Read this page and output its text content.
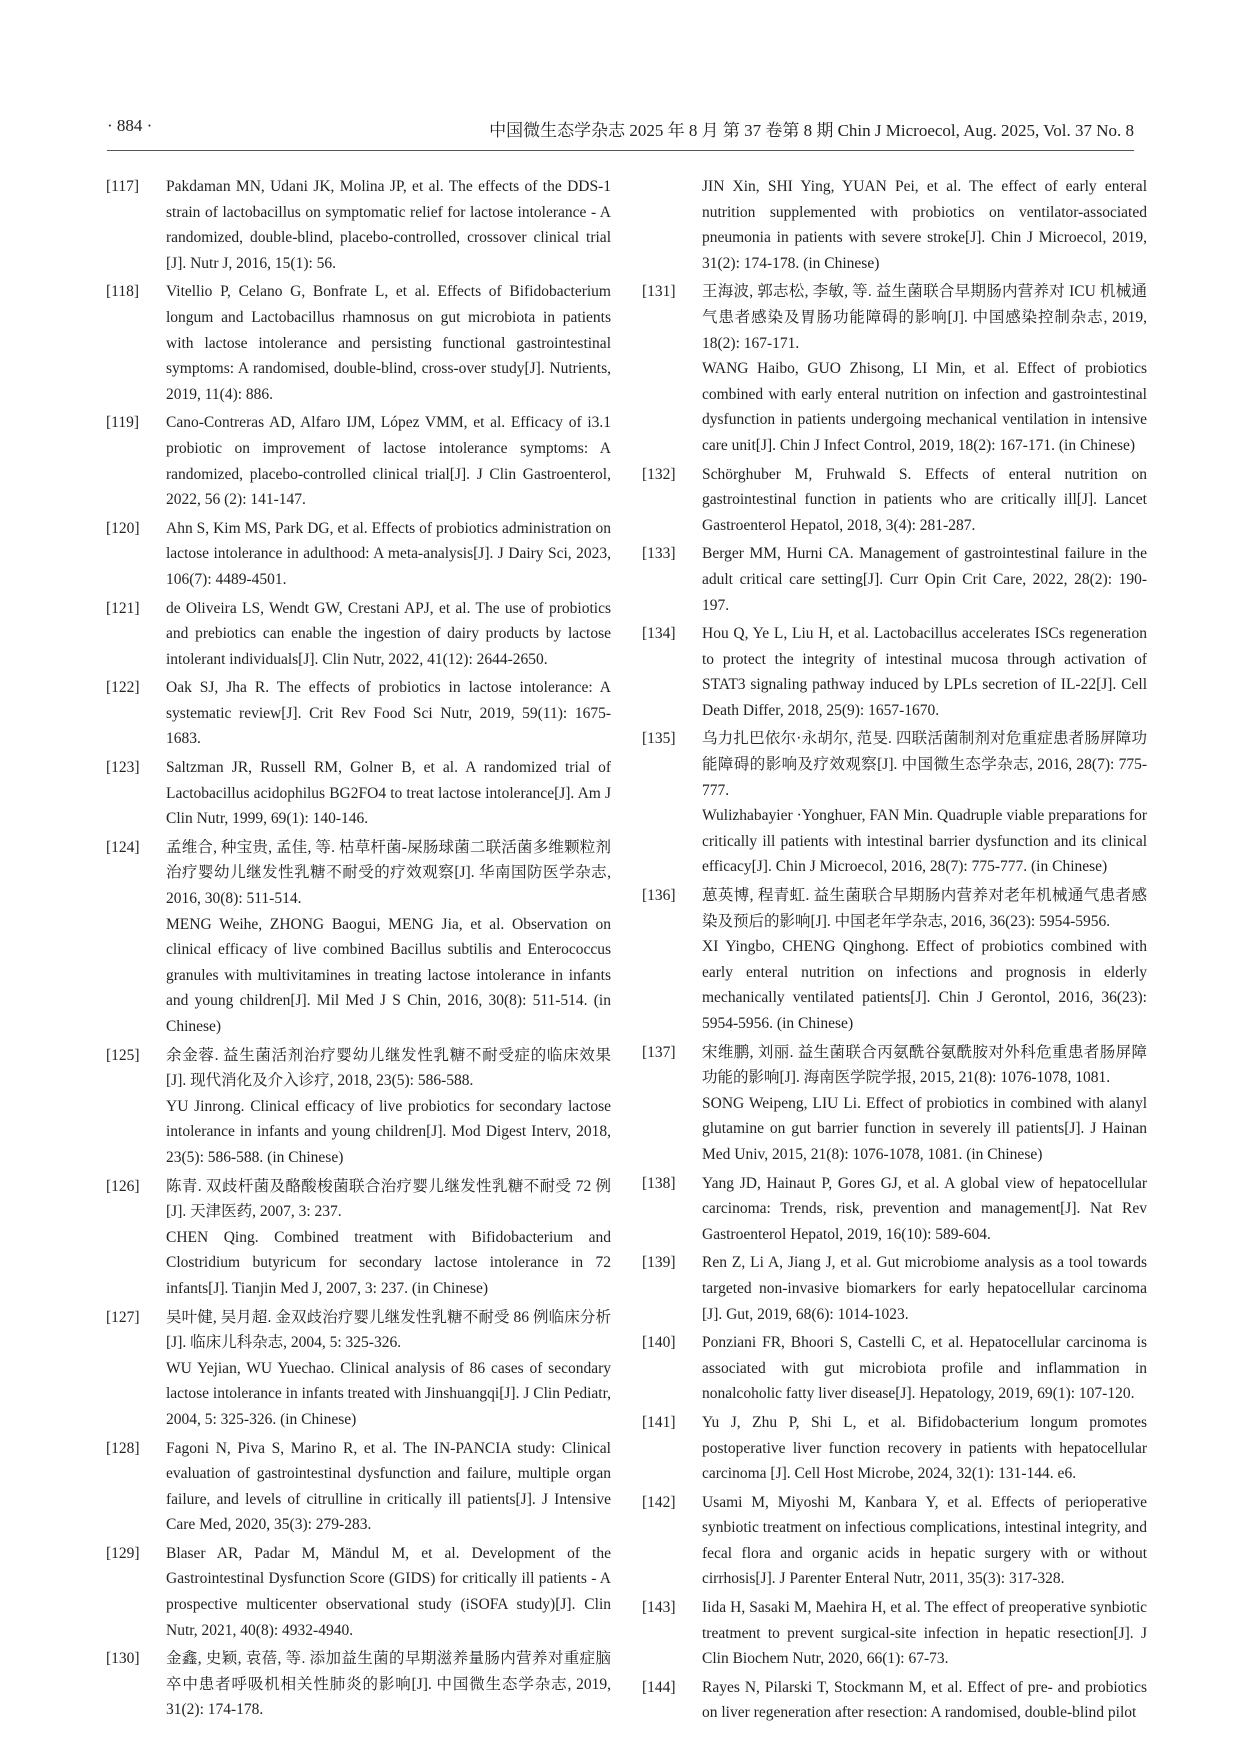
· 884 ·	中国微生态学杂志 2025 年 8 月 第 37 卷第 8 期 Chin J Microecol, Aug. 2025, Vol. 37 No. 8
[117] Pakdaman MN, Udani JK, Molina JP, et al. The effects of the DDS-1 strain of lactobacillus on symptomatic relief for lactose intolerance - A randomized, double-blind, placebo-controlled, crossover clinical trial [J]. Nutr J, 2016, 15(1): 56.

[118] Vitellio P, Celano G, Bonfrate L, et al. Effects of Bifidobacterium longum and Lactobacillus rhamnosus on gut microbiota in patients with lactose intolerance and persisting functional gastrointestinal symptoms: A randomised, double-blind, cross-over study[J]. Nutrients, 2019, 11(4): 886.

[119] Cano-Contreras AD, Alfaro IJM, López VMM, et al. Efficacy of i3.1 probiotic on improvement of lactose intolerance symptoms: A randomized, placebo-controlled clinical trial[J]. J Clin Gastroenterol, 2022, 56 (2): 141-147.

[120] Ahn S, Kim MS, Park DG, et al. Effects of probiotics administration on lactose intolerance in adulthood: A meta-analysis[J]. J Dairy Sci, 2023, 106(7): 4489-4501.

[121] de Oliveira LS, Wendt GW, Crestani APJ, et al. The use of probiotics and prebiotics can enable the ingestion of dairy products by lactose intolerant individuals[J]. Clin Nutr, 2022, 41(12): 2644-2650.

[122] Oak SJ, Jha R. The effects of probiotics in lactose intolerance: A systematic review[J]. Crit Rev Food Sci Nutr, 2019, 59(11): 1675-1683.

[123] Saltzman JR, Russell RM, Golner B, et al. A randomized trial of Lactobacillus acidophilus BG2FO4 to treat lactose intolerance[J]. Am J Clin Nutr, 1999, 69(1): 140-146.

[124] 孟维合, 种宝贵, 孟佳, 等. 枯草杆菌-屎肠球菌二联活菌多维颗粒剂治疗婴幼儿继发性乳糖不耐受的疗效观察[J]. 华南国防医学杂志, 2016, 30(8): 511-514.

MENG Weihe, ZHONG Baogui, MENG Jia, et al. Observation on clinical efficacy of live combined Bacillus subtilis and Enterococcus granules with multivitamines in treating lactose intolerance in infants and young children[J]. Mil Med J S Chin, 2016, 30(8): 511-514. (in Chinese)

[125] 余金蓉. 益生菌活剂治疗婴幼儿继发性乳糖不耐受症的临床效果[J]. 现代消化及介入诊疗, 2018, 23(5): 586-588.

YU Jinrong. Clinical efficacy of live probiotics for secondary lactose intolerance in infants and young children[J]. Mod Digest Interv, 2018, 23(5): 586-588. (in Chinese)

[126] 陈青. 双歧杆菌及酪酸梭菌联合治疗婴儿继发性乳糖不耐受 72 例[J]. 天津医药, 2007, 3: 237.

CHEN Qing. Combined treatment with Bifidobacterium and Clostridium butyricum for secondary lactose intolerance in 72 infants[J]. Tianjin Med J, 2007, 3: 237. (in Chinese)

[127] 吴叶健, 吴月超. 金双歧治疗婴儿继发性乳糖不耐受 86 例临床分析[J]. 临床儿科杂志, 2004, 5: 325-326.

WU Yejian, WU Yuechao. Clinical analysis of 86 cases of secondary lactose intolerance in infants treated with Jinshuangqi[J]. J Clin Pediatr, 2004, 5: 325-326. (in Chinese)

[128] Fagoni N, Piva S, Marino R, et al. The IN-PANCIA study: Clinical evaluation of gastrointestinal dysfunction and failure, multiple organ failure, and levels of citrulline in critically ill patients[J]. J Intensive Care Med, 2020, 35(3): 279-283.

[129] Blaser AR, Padar M, Mändul M, et al. Development of the Gastrointestinal Dysfunction Score (GIDS) for critically ill patients - A prospective multicenter observational study (iSOFA study)[J]. Clin Nutr, 2021, 40(8): 4932-4940.

[130] 金鑫, 史颖, 袁蓓, 等. 添加益生菌的早期滋养量肠内营养对重症脑卒中患者呼吸机相关性肺炎的影响[J]. 中国微生态学杂志, 2019, 31(2): 174-178.

JIN Xin, SHI Ying, YUAN Pei, et al. The effect of early enteral nutrition supplemented with probiotics on ventilator-associated pneumonia in patients with severe stroke[J]. Chin J Microecol, 2019, 31(2): 174-178. (in Chinese)

[131] 王海波, 郭志松, 李敏, 等. 益生菌联合早期肠内营养对 ICU 机械通气患者感染及胃肠功能障碍的影响[J]. 中国感染控制杂志, 2019, 18(2): 167-171.

WANG Haibo, GUO Zhisong, LI Min, et al. Effect of probiotics combined with early enteral nutrition on infection and gastrointestinal dysfunction in patients undergoing mechanical ventilation in intensive care unit[J]. Chin J Infect Control, 2019, 18(2): 167-171. (in Chinese)

[132] Schörghuber M, Fruhwald S. Effects of enteral nutrition on gastrointestinal function in patients who are critically ill[J]. Lancet Gastroenterol Hepatol, 2018, 3(4): 281-287.

[133] Berger MM, Hurni CA. Management of gastrointestinal failure in the adult critical care setting[J]. Curr Opin Crit Care, 2022, 28(2): 190-197.

[134] Hou Q, Ye L, Liu H, et al. Lactobacillus accelerates ISCs regeneration to protect the integrity of intestinal mucosa through activation of STAT3 signaling pathway induced by LPLs secretion of IL-22[J]. Cell Death Differ, 2018, 25(9): 1657-1670.

[135] 乌力扎巴依尔·永胡尔, 范旻. 四联活菌制剂对危重症患者肠屏障功能障碍的影响及疗效观察[J]. 中国微生态学杂志, 2016, 28(7): 775-777.

Wulizhabayier ·Yonghuer, FAN Min. Quadruple viable preparations for critically ill patients with intestinal barrier dysfunction and its clinical efficacy[J]. Chin J Microecol, 2016, 28(7): 775-777. (in Chinese)

[136] 葸英博, 程青虹. 益生菌联合早期肠内营养对老年机械通气患者感染及预后的影响[J]. 中国老年学杂志, 2016, 36(23): 5954-5956.

XI Yingbo, CHENG Qinghong. Effect of probiotics combined with early enteral nutrition on infections and prognosis in elderly mechanically ventilated patients[J]. Chin J Gerontol, 2016, 36(23): 5954-5956. (in Chinese)

[137] 宋维鹏, 刘丽. 益生菌联合丙氨酰谷氨酰胺对外科危重患者肠屏障功能的影响[J]. 海南医学院学报, 2015, 21(8): 1076-1078, 1081.

SONG Weipeng, LIU Li. Effect of probiotics in combined with alanyl glutamine on gut barrier function in severely ill patients[J]. J Hainan Med Univ, 2015, 21(8): 1076-1078, 1081. (in Chinese)

[138] Yang JD, Hainaut P, Gores GJ, et al. A global view of hepatocellular carcinoma: Trends, risk, prevention and management[J]. Nat Rev Gastroenterol Hepatol, 2019, 16(10): 589-604.

[139] Ren Z, Li A, Jiang J, et al. Gut microbiome analysis as a tool towards targeted non-invasive biomarkers for early hepatocellular carcinoma [J]. Gut, 2019, 68(6): 1014-1023.

[140] Ponziani FR, Bhoori S, Castelli C, et al. Hepatocellular carcinoma is associated with gut microbiota profile and inflammation in nonalcoholic fatty liver disease[J]. Hepatology, 2019, 69(1): 107-120.

[141] Yu J, Zhu P, Shi L, et al. Bifidobacterium longum promotes postoperative liver function recovery in patients with hepatocellular carcinoma [J]. Cell Host Microbe, 2024, 32(1): 131-144. e6.

[142] Usami M, Miyoshi M, Kanbara Y, et al. Effects of perioperative synbiotic treatment on infectious complications, intestinal integrity, and fecal flora and organic acids in hepatic surgery with or without cirrhosis[J]. J Parenter Enteral Nutr, 2011, 35(3): 317-328.

[143] Iida H, Sasaki M, Maehira H, et al. The effect of preoperative synbiotic treatment to prevent surgical-site infection in hepatic resection[J]. J Clin Biochem Nutr, 2020, 66(1): 67-73.

[144] Rayes N, Pilarski T, Stockmann M, et al. Effect of pre- and probiotics on liver regeneration after resection: A randomised, double-blind pilot
